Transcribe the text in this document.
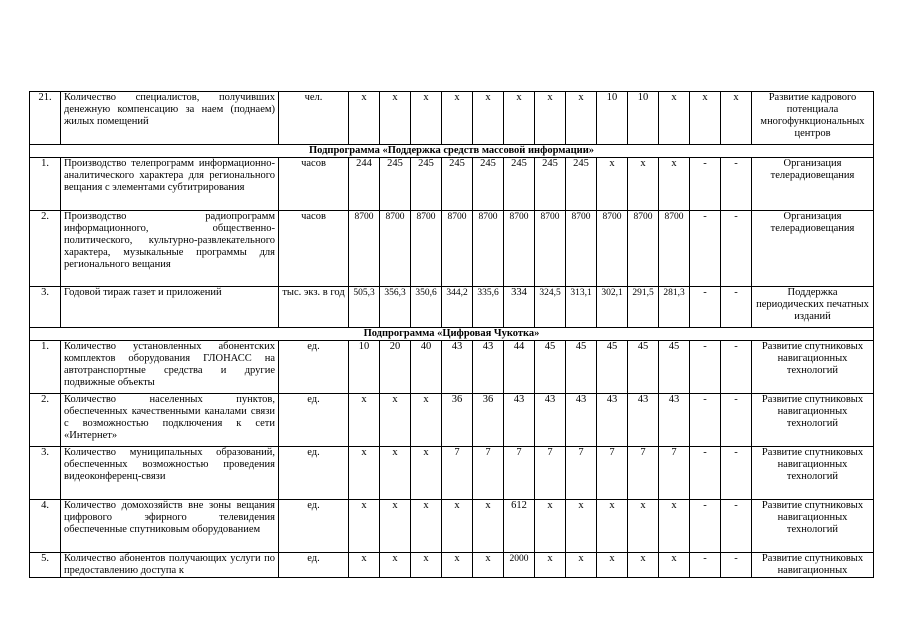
21.	Количество специалистов, получивших денежную компенсацию за наем (поднаем) жилых помещений	чел.	x	x	x	x	x	x	x	x	10	10	x	x	x	Развитие кадрового потенциала многофункциональных центров
Подпрограмма «Поддержка средств массовой информации»																
1.	Производство телепрограмм информационно-аналитического характера для регионального вещания с элементами субтитрирования	часов	244	245	245	245	245	245	245	245	x	x	x	-	-	Организация телерадиовещания
2.	Производство радиопрограмм информационного, общественно-политического, культурно-развлекательного характера, музыкальные программы для регионального вещания	часов	8700	8700	8700	8700	8700	8700	8700	8700	8700	8700	8700	-	-	Организация телерадиовещания
3.	Годовой тираж газет и приложений	тыс. экз. в год	505,3	356,3	350,6	344,2	335,6	334	324,5	313,1	302,1	291,5	281,3	-	-	Поддержка периодических печатных изданий
Подпрограмма «Цифровая Чукотка»																
1.	Количество установленных абонентских комплектов оборудования ГЛОНАСС на автотранспортные средства и другие подвижные объекты	ед.	10	20	40	43	43	44	45	45	45	45	45	-	-	Развитие спутниковых навигационных технологий
2.	Количество населенных пунктов, обеспеченных качественными каналами связи с возможностью подключения к сети «Интернет»	ед.	x	x	x	36	36	43	43	43	43	43	43	-	-	Развитие спутниковых навигационных технологий
3.	Количество муниципальных образований, обеспеченных возможностью проведения видеоконференц-связи	ед.	x	x	x	7	7	7	7	7	7	7	7	-	-	Развитие спутниковых навигационных технологий
4.	Количество домохозяйств вне зоны вещания цифрового эфирного телевидения обеспеченные спутниковым оборудованием	ед.	x	x	x	x	x	612	x	x	x	x	x	-	-	Развитие спутниковых навигационных технологий
5.	Количество абонентов получающих услуги по предоставлению доступа к	ед.	x	x	x	x	x	2000	x	x	x	x	x	-	-	Развитие спутниковых навигационных
